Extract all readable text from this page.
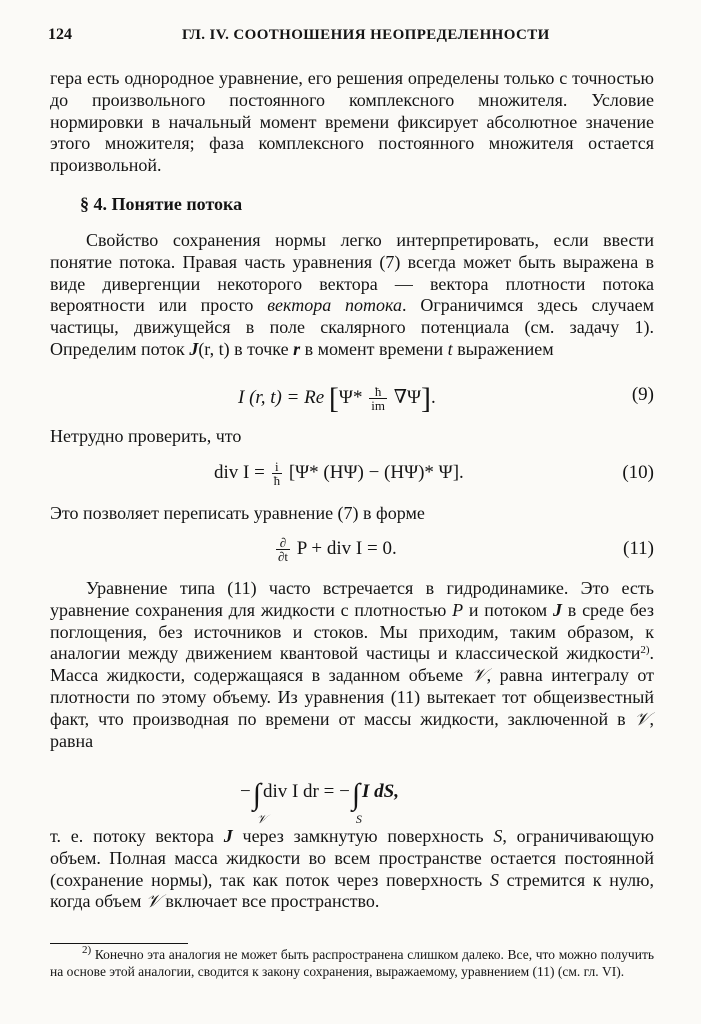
124	ГЛ. IV. СООТНОШЕНИЯ НЕОПРЕДЕЛЕННОСТИ

гера есть однородное уравнение, его решения определены только с точностью до произвольного постоянного комплексного множителя. Условие нормировки в начальный момент времени фиксирует абсолютное значение этого множителя; фаза комплексного постоянного множителя остается произвольной.

§ 4. Понятие потока

Свойство сохранения нормы легко интерпретировать, если ввести понятие потока. Правая часть уравнения (7) всегда может быть выражена в виде дивергенции некоторого вектора — вектора плотности потока вероятности или просто вектора потока. Ограничимся здесь случаем частицы, движущейся в поле скалярного потенциала (см. задачу 1). Определим поток J(r, t) в точке r в момент времени t выражением

I (r, t) = Re $[\Psi* \frac{ħ}{im} \nabla\Psi]$.	(9)

Нетрудно проверить, что

div $I = \frac{i}{ħ} [\Psi*$ (HΨ) − (HΨ)* Ψ].	(10)

Это позволяет переписать уравнение (7) в форме

$\frac{\partial}{\partial t}$ P + div I = 0.	(11)

Уравнение типа (11) часто встречается в гидродинамике. Это есть уравнение сохранения для жидкости с плотностью P и потоком J в среде без поглощения, без источников и стоков. Мы приходим, таким образом, к аналогии между движением квантовой частицы и классической жидкости$^{2)}$. Масса жидкости, содержащаяся в заданном объеме 𝒱, равна интегралу от плотности по этому объему. Из уравнения (11) вытекает тот общеизвестный факт, что производная по времени от массы жидкости, заключенной в 𝒱, равна

−∫
𝒱
div I dr = −∫
S
I dS,

т. е. потоку вектора J через замкнутую поверхность S, ограничивающую объем. Полная масса жидкости во всем пространстве остается постоянной (сохранение нормы), так как поток через поверхность S стремится к нулю, когда объем 𝒱 включает все пространство.

$^{2)}$ Конечно эта аналогия не может быть распространена слишком далеко. Все, что можно получить на основе этой аналогии, сводится к закону сохранения, выражаемому, уравнением (11) (см. гл. VI).
